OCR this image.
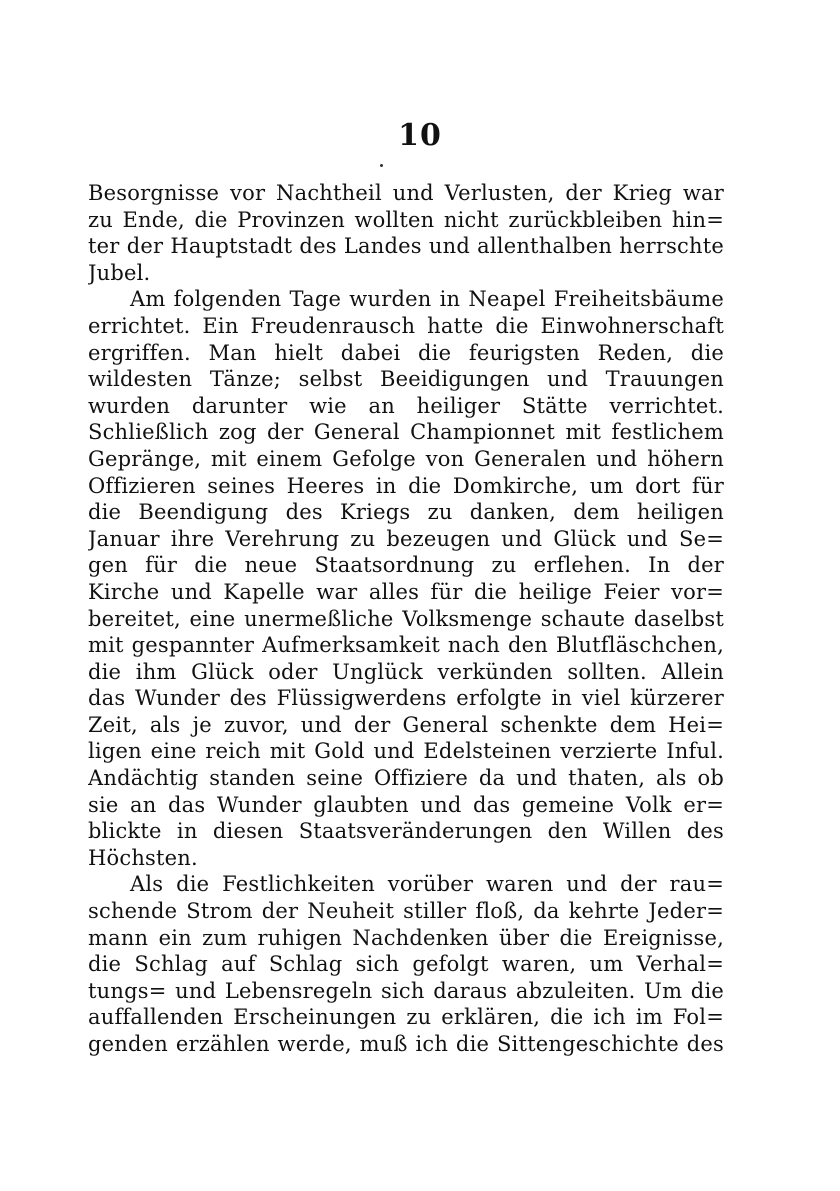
10
Besorgnisse vor Nachtheil und Verlusten, der Krieg war
zu Ende, die Provinzen wollten nicht zurückbleiben hin=
ter der Hauptstadt des Landes und allenthalben herrschte
Jubel.
Am folgenden Tage wurden in Neapel Freiheitsbäume
errichtet. Ein Freudenrausch hatte die Einwohnerschaft
ergriffen. Man hielt dabei die feurigsten Reden, die
wildesten Tänze; selbst Beeidigungen und Trauungen
wurden darunter wie an heiliger Stätte verrichtet.
Schließlich zog der General Championnet mit festlichem
Gepränge, mit einem Gefolge von Generalen und höhern
Offizieren seines Heeres in die Domkirche, um dort für
die Beendigung des Kriegs zu danken, dem heiligen
Januar ihre Verehrung zu bezeugen und Glück und Se=
gen für die neue Staatsordnung zu erflehen. In der
Kirche und Kapelle war alles für die heilige Feier vor=
bereitet, eine unermeßliche Volksmenge schaute daselbst
mit gespannter Aufmerksamkeit nach den Blutfläschchen,
die ihm Glück oder Unglück verkünden sollten. Allein
das Wunder des Flüssigwerdens erfolgte in viel kürzerer
Zeit, als je zuvor, und der General schenkte dem Hei=
ligen eine reich mit Gold und Edelsteinen verzierte Inful.
Andächtig standen seine Offiziere da und thaten, als ob
sie an das Wunder glaubten und das gemeine Volk er=
blickte in diesen Staatsveränderungen den Willen des
Höchsten.
Als die Festlichkeiten vorüber waren und der rau=
schende Strom der Neuheit stiller floß, da kehrte Jeder=
mann ein zum ruhigen Nachdenken über die Ereignisse,
die Schlag auf Schlag sich gefolgt waren, um Verhal=
tungs= und Lebensregeln sich daraus abzuleiten. Um die
auffallenden Erscheinungen zu erklären, die ich im Fol=
genden erzählen werde, muß ich die Sittengeschichte des
